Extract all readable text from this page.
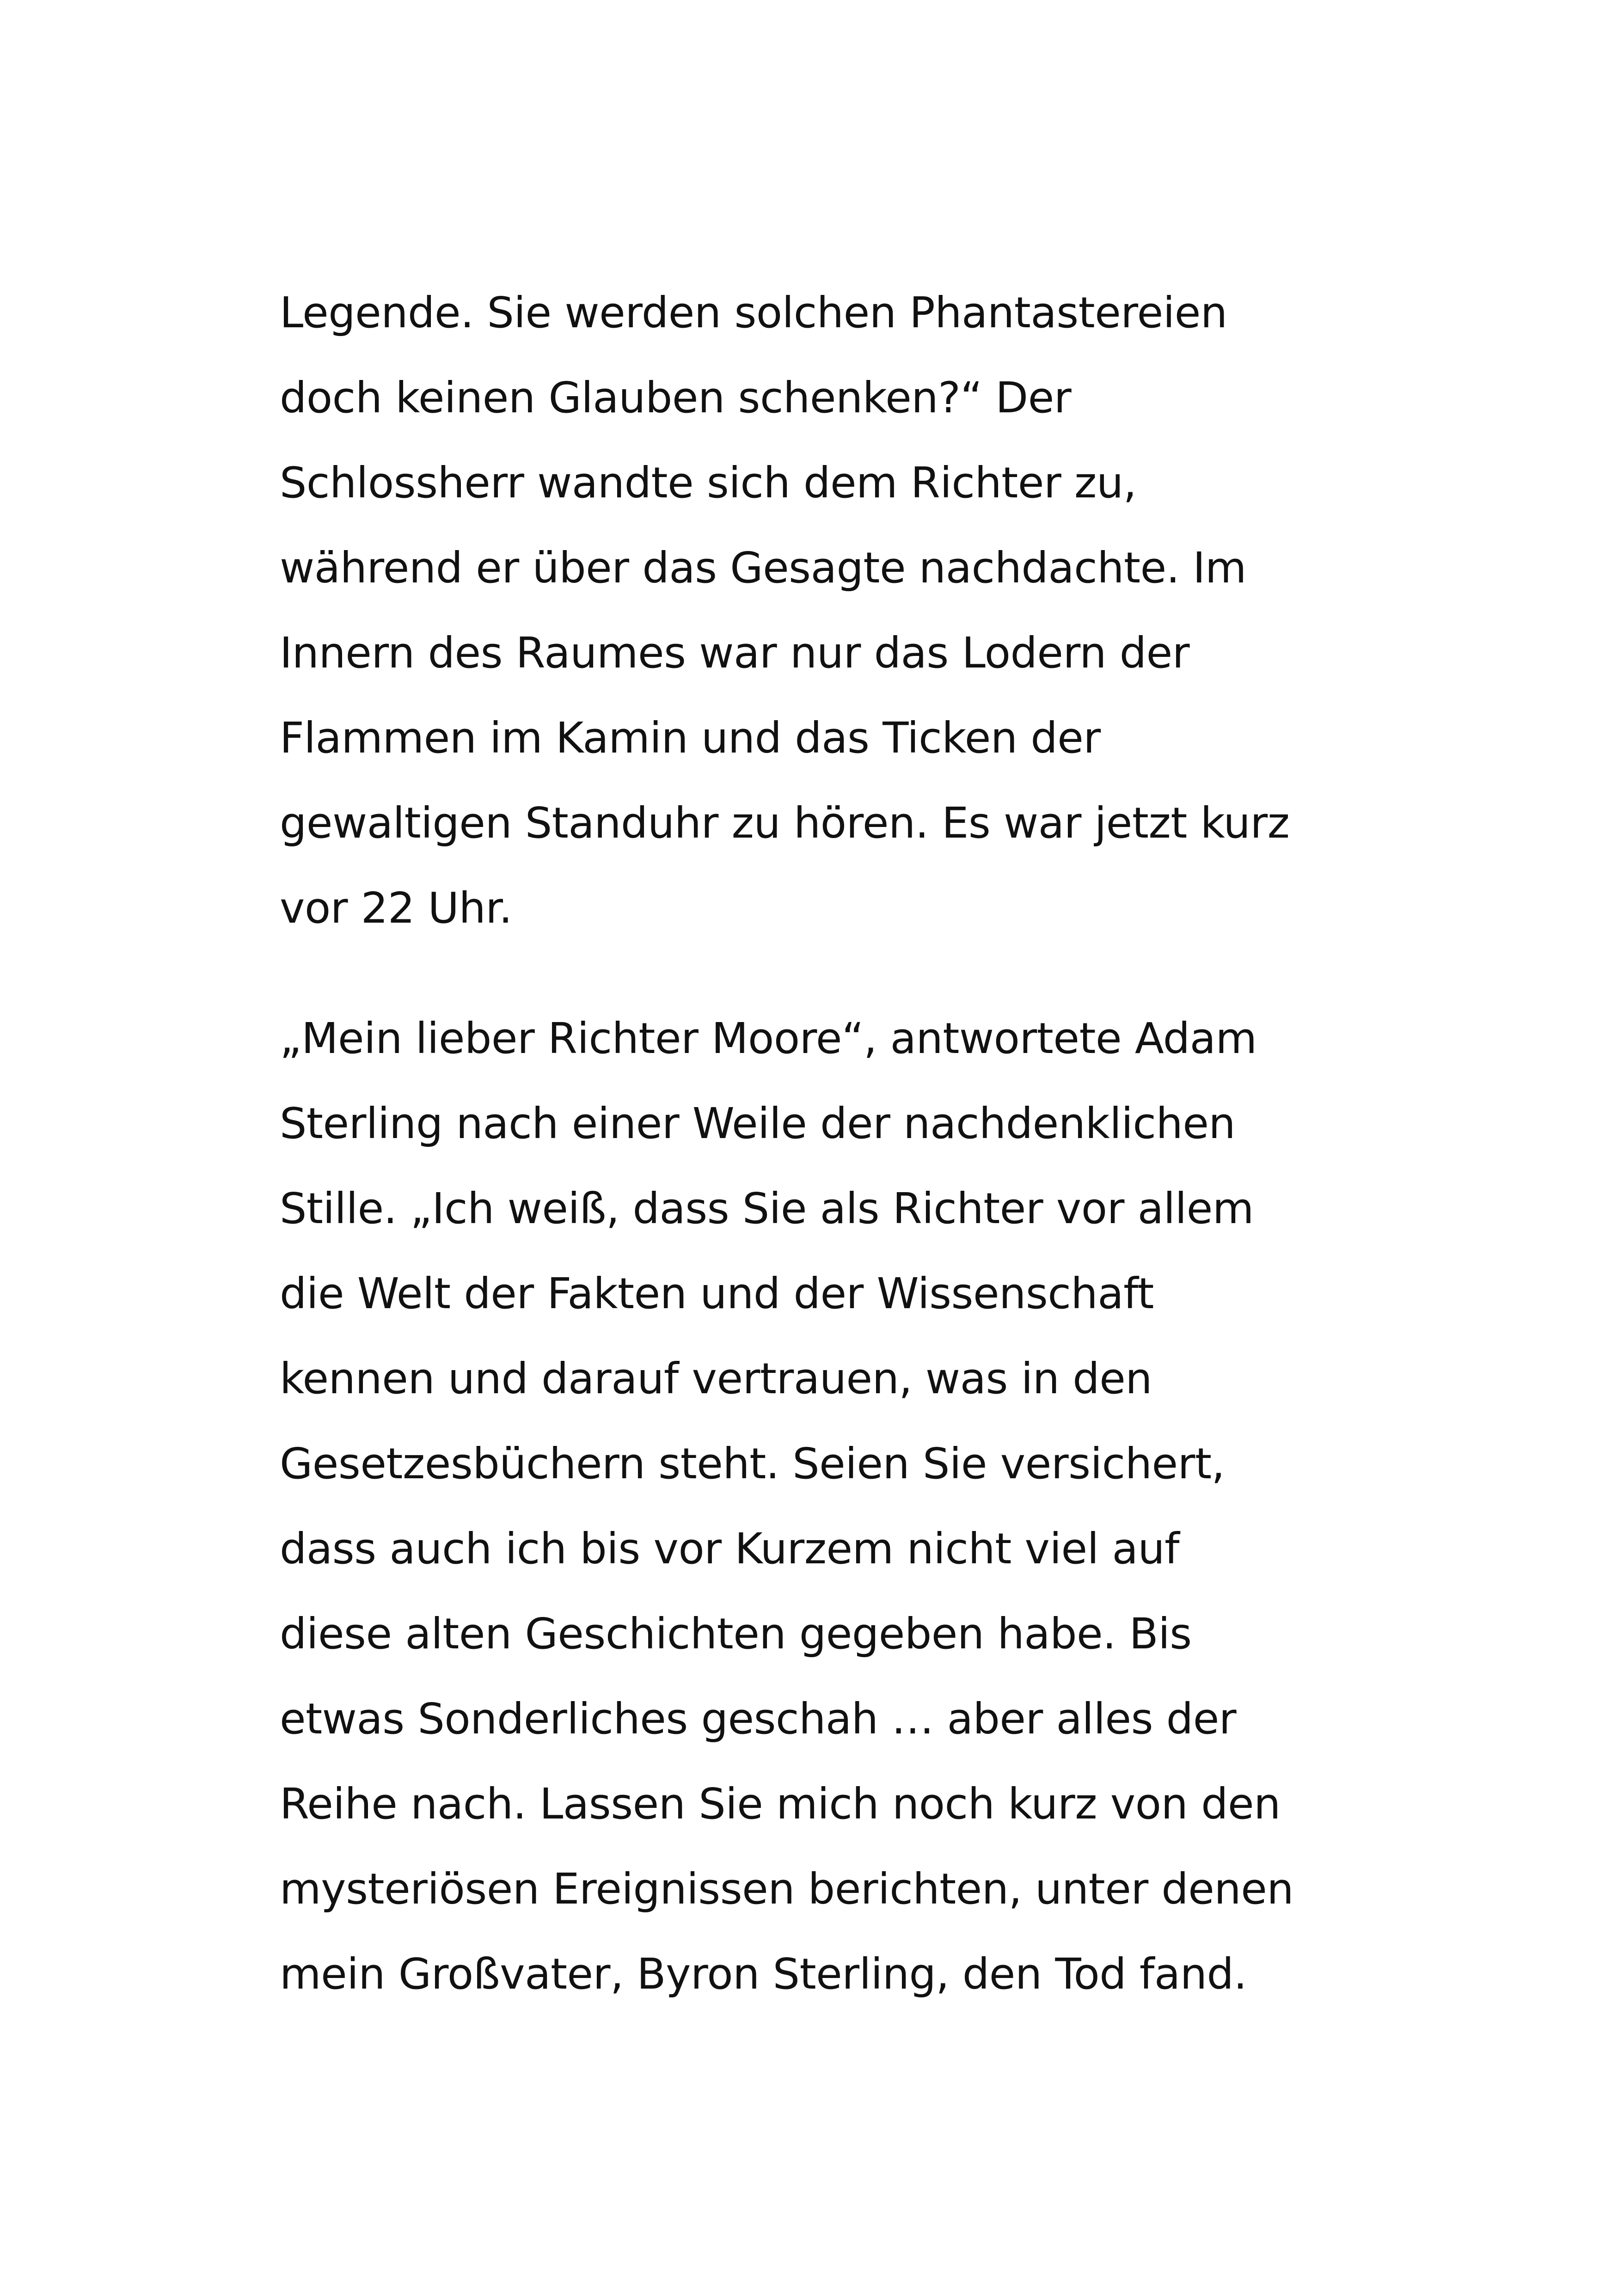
Legende. Sie werden solchen Phantastereien
doch keinen Glauben schenken?“ Der
Schlossherr wandte sich dem Richter zu,
während er über das Gesagte nachdachte. Im
Innern des Raumes war nur das Lodern der
Flammen im Kamin und das Ticken der
gewaltigen Standuhr zu hören. Es war jetzt kurz
vor 22 Uhr.
„Mein lieber Richter Moore“, antwortete Adam
Sterling nach einer Weile der nachdenklichen
Stille. „Ich weiß, dass Sie als Richter vor allem
die Welt der Fakten und der Wissenschaft
kennen und darauf vertrauen, was in den
Gesetzesbüchern steht. Seien Sie versichert,
dass auch ich bis vor Kurzem nicht viel auf
diese alten Geschichten gegeben habe. Bis
etwas Sonderliches geschah … aber alles der
Reihe nach. Lassen Sie mich noch kurz von den
mysteriösen Ereignissen berichten, unter denen
mein Großvater, Byron Sterling, den Tod fand.
